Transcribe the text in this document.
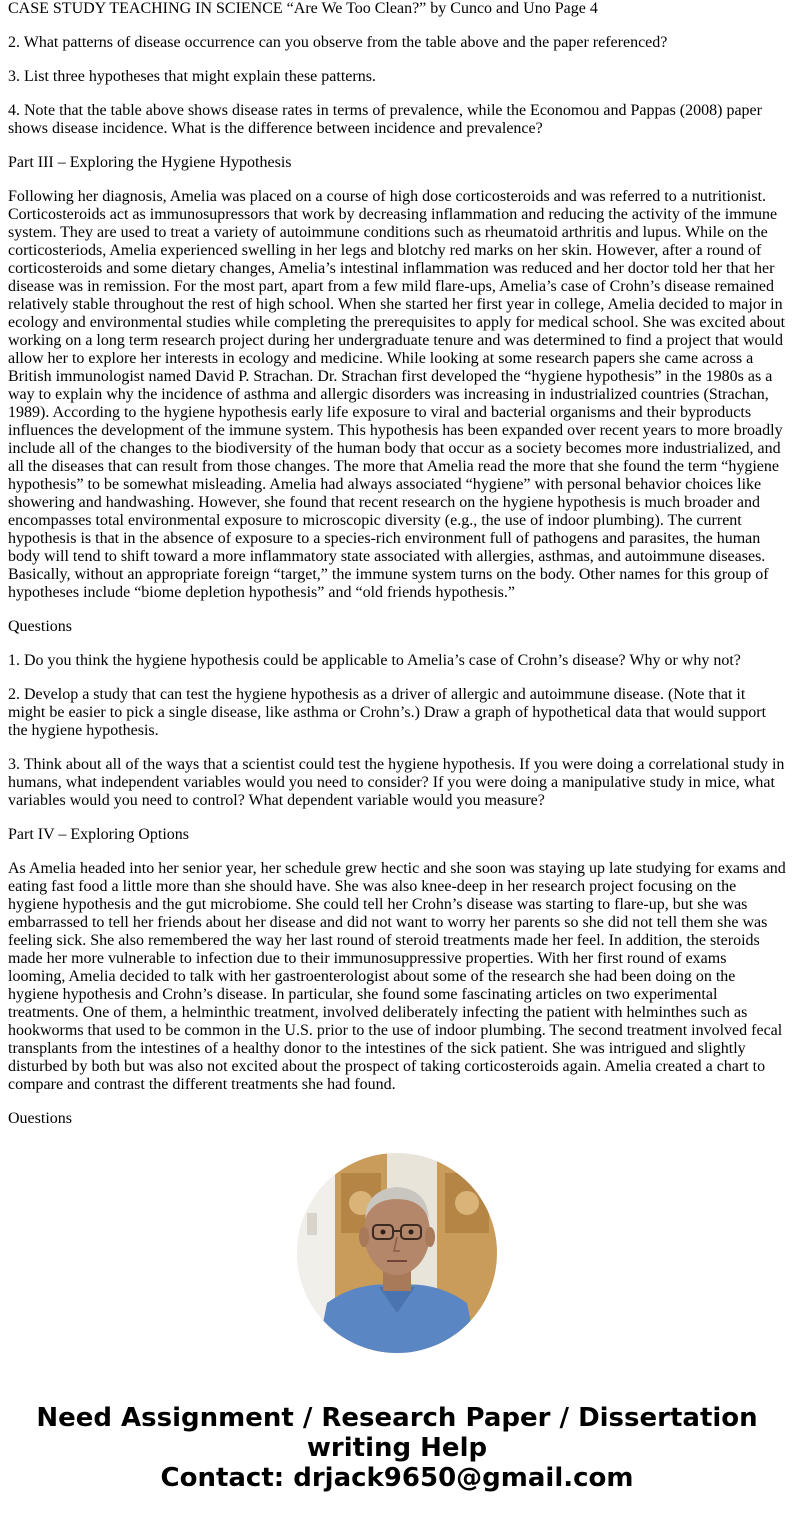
CASE STUDY TEACHING IN SCIENCE “Are We Too Clean?” by Cunco and Uno Page 4

2. What patterns of disease occurrence can you observe from the table above and the paper referenced?

3. List three hypotheses that might explain these patterns.

4. Note that the table above shows disease rates in terms of prevalence, while the Economou and Pappas (2008) paper shows disease incidence. What is the difference between incidence and prevalence?

Part III – Exploring the Hygiene Hypothesis

Following her diagnosis, Amelia was placed on a course of high dose corticosteroids and was referred to a nutritionist. Corticosteroids act as immunosupressors that work by decreasing inflammation and reducing the activity of the immune system. They are used to treat a variety of autoimmune conditions such as rheumatoid arthritis and lupus. While on the corticosteriods, Amelia experienced swelling in her legs and blotchy red marks on her skin. However, after a round of corticosteroids and some dietary changes, Amelia’s intestinal inflammation was reduced and her doctor told her that her disease was in remission. For the most part, apart from a few mild flare-ups, Amelia’s case of Crohn’s disease remained relatively stable throughout the rest of high school. When she started her first year in college, Amelia decided to major in ecology and environmental studies while completing the prerequisites to apply for medical school. She was excited about working on a long term research project during her undergraduate tenure and was determined to find a project that would allow her to explore her interests in ecology and medicine. While looking at some research papers she came across a British immunologist named David P. Strachan. Dr. Strachan first developed the “hygiene hypothesis” in the 1980s as a way to explain why the incidence of asthma and allergic disorders was increasing in industrialized countries (Strachan, 1989). According to the hygiene hypothesis early life exposure to viral and bacterial organisms and their byproducts influences the development of the immune system. This hypothesis has been expanded over recent years to more broadly include all of the changes to the biodiversity of the human body that occur as a society becomes more industrialized, and all the diseases that can result from those changes. The more that Amelia read the more that she found the term “hygiene hypothesis” to be somewhat misleading. Amelia had always associated “hygiene” with personal behavior choices like showering and handwashing. However, she found that recent research on the hygiene hypothesis is much broader and encompasses total environmental exposure to microscopic diversity (e.g., the use of indoor plumbing). The current hypothesis is that in the absence of exposure to a species-rich environment full of pathogens and parasites, the human body will tend to shift toward a more inflammatory state associated with allergies, asthmas, and autoimmune diseases. Basically, without an appropriate foreign “target,” the immune system turns on the body. Other names for this group of hypotheses include “biome depletion hypothesis” and “old friends hypothesis.”

Questions

1. Do you think the hygiene hypothesis could be applicable to Amelia’s case of Crohn’s disease? Why or why not?

2. Develop a study that can test the hygiene hypothesis as a driver of allergic and autoimmune disease. (Note that it might be easier to pick a single disease, like asthma or Crohn’s.) Draw a graph of hypothetical data that would support the hygiene hypothesis.

3. Think about all of the ways that a scientist could test the hygiene hypothesis. If you were doing a correlational study in humans, what independent variables would you need to consider? If you were doing a manipulative study in mice, what variables would you need to control? What dependent variable would you measure?

Part IV – Exploring Options

As Amelia headed into her senior year, her schedule grew hectic and she soon was staying up late studying for exams and eating fast food a little more than she should have. She was also knee-deep in her research project focusing on the hygiene hypothesis and the gut microbiome. She could tell her Crohn’s disease was starting to flare-up, but she was embarrassed to tell her friends about her disease and did not want to worry her parents so she did not tell them she was feeling sick. She also remembered the way her last round of steroid treatments made her feel. In addition, the steroids made her more vulnerable to infection due to their immunosuppressive properties. With her first round of exams looming, Amelia decided to talk with her gastroenterologist about some of the research she had been doing on the hygiene hypothesis and Crohn’s disease. In particular, she found some fascinating articles on two experimental treatments. One of them, a helminthic treatment, involved deliberately infecting the patient with helminthes such as hookworms that used to be common in the U.S. prior to the use of indoor plumbing. The second treatment involved fecal transplants from the intestines of a healthy donor to the intestines of the sick patient. She was intrigued and slightly disturbed by both but was also not excited about the prospect of taking corticosteroids again. Amelia created a chart to compare and contrast the different treatments she had found.

Ouestions

Need Assignment / Research Paper / Dissertation
writing Help
Contact: drjack9650@gmail.com
